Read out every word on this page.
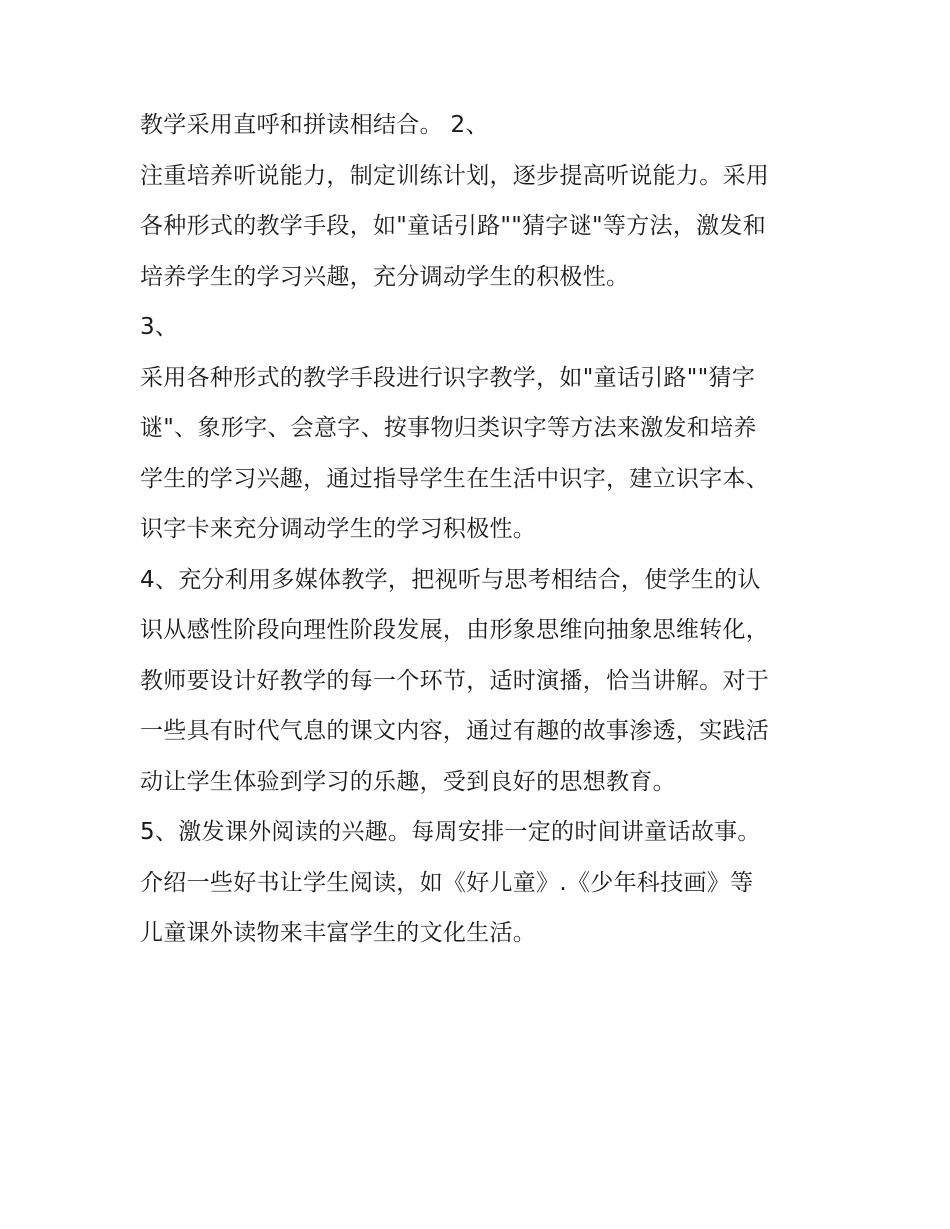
教学采用直呼和拼读相结合。 2、
注重培养听说能力，制定训练计划，逐步提高听说能力。采用
各种形式的教学手段，如"童话引路""猜字谜"等方法，激发和
培养学生的学习兴趣，充分调动学生的积极性。
3、
采用各种形式的教学手段进行识字教学，如"童话引路""猜字
谜"、象形字、会意字、按事物归类识字等方法来激发和培养
学生的学习兴趣，通过指导学生在生活中识字，建立识字本、
识字卡来充分调动学生的学习积极性。
4、充分利用多媒体教学，把视听与思考相结合，使学生的认
识从感性阶段向理性阶段发展，由形象思维向抽象思维转化，
教师要设计好教学的每一个环节，适时演播，恰当讲解。对于
一些具有时代气息的课文内容，通过有趣的故事渗透，实践活
动让学生体验到学习的乐趣，受到良好的思想教育。
5、激发课外阅读的兴趣。每周安排一定的时间讲童话故事。
介绍一些好书让学生阅读，如《好儿童》.《少年科技画》等
儿童课外读物来丰富学生的文化生活。
